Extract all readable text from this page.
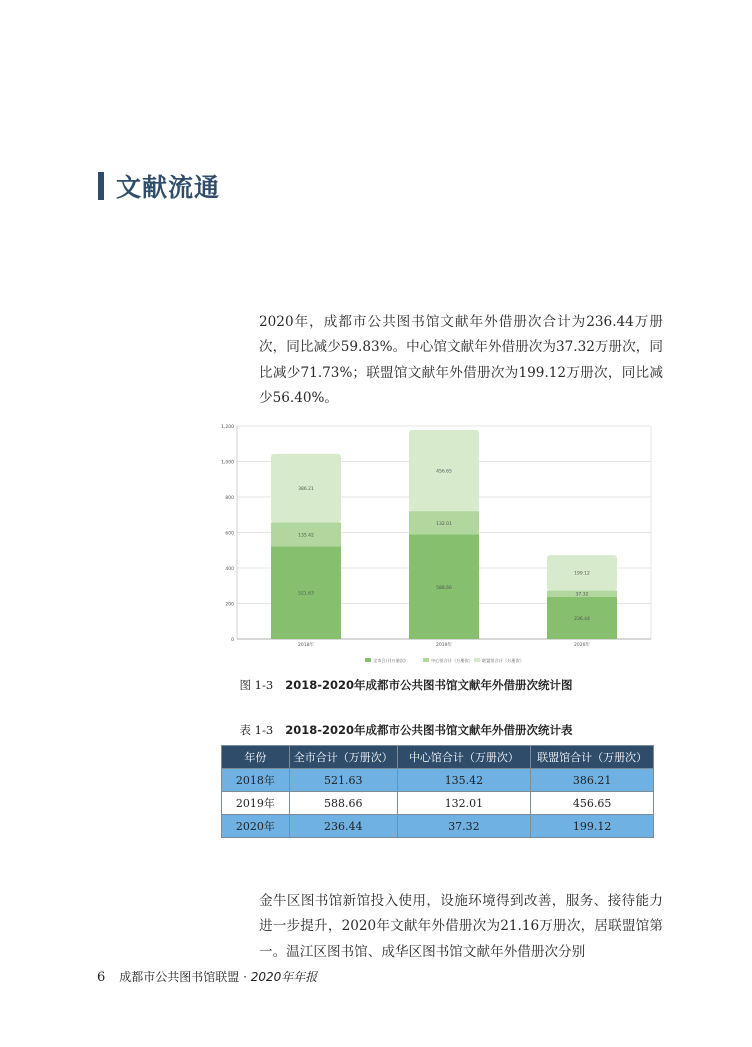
文献流通

2020年，成都市公共图书馆文献年外借册次合计为236.44万册次，同比减少59.83%。中心馆文献年外借册次为37.32万册次，同比减少71.73%；联盟馆文献年外借册次为199.12万册次，同比减少56.40%。

0
200
400
600
800
1,000
1,200
521.63
135.42
386.21
2018年
588.66
132.01
456.65
2019年
236.44
37.32
199.12
2020年
全市合计(万册次)	中心馆合计（万册次） 联盟馆合计（万册次）
图 1-3 2018-2020年成都市公共图书馆文献年外借册次统计图
表 1-3 2018-2020年成都市公共图书馆文献年外借册次统计表
年份	全市合计（万册次）	中心馆合计（万册次）	联盟馆合计（万册次）
2018年	521.63	135.42	386.21
2019年	588.66	132.01	456.65
2020年	236.44	37.32	199.12

金牛区图书馆新馆投入使用，设施环境得到改善，服务、接待能力进一步提升，2020年文献年外借册次为21.16万册次，居联盟馆第一。温江区图书馆、成华区图书馆文献年外借册次分别

6 成都市公共图书馆联盟 · 2020年年报
